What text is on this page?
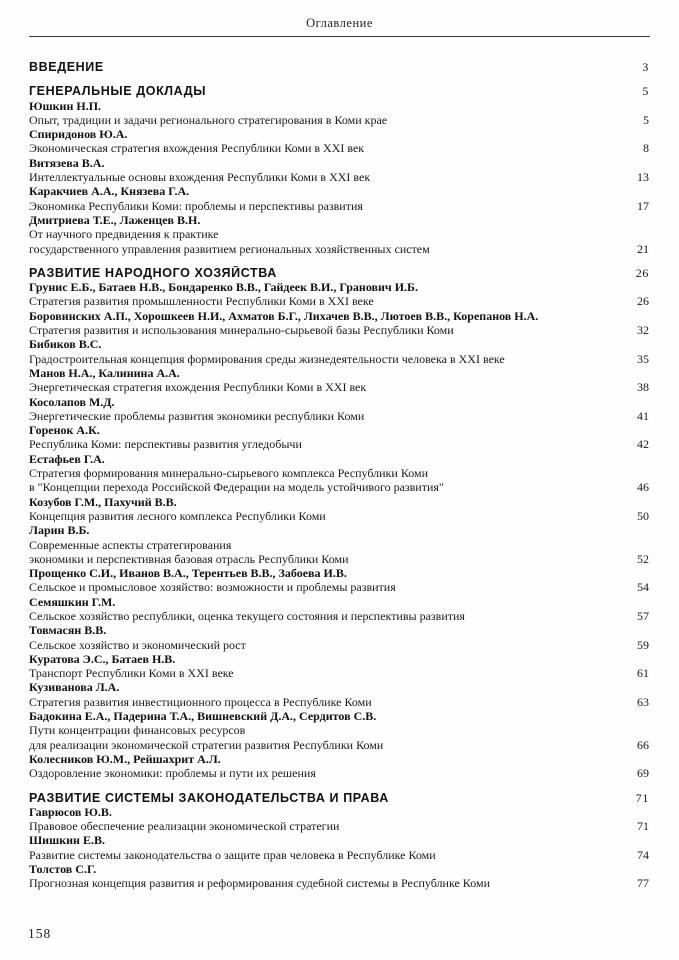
Оглавление
ВВЕДЕНИЕ	3
ГЕНЕРАЛЬНЫЕ ДОКЛАДЫ	5
Юшкин Н.П.
Опыт, традиции и задачи регионального стратегирования в Коми крае	5
Спиридонов Ю.А.
Экономическая стратегия вхождения Республики Коми в XXI век	8
Витязева В.А.
Интеллектуальные основы вхождения Республики Коми в XXI век	13
Каракчиев А.А., Князева Г.А.
Экономика Республики Коми: проблемы и перспективы развития	17
Дмитриева Т.Е., Лаженцев В.Н.
От научного предвидения к практике
государственного управления развитием региональных хозяйственных систем	21
РАЗВИТИЕ НАРОДНОГО ХОЗЯЙСТВА	26
Грунис Е.Б., Батаев Н.В., Бондаренко В.В., Гайдеек В.И., Гранович И.Б.
Стратегия развития промышленности Республики Коми в XXI веке	26
Боровинских А.П., Хорошкеев Н.И., Ахматов Б.Г., Лихачев В.В., Лютоев В.В., Корепанов Н.А.
Стратегия развития и использования минерально-сырьевой базы Республики Коми	32
Бибиков В.С.
Градостроительная концепция формирования среды жизнедеятельности человека в XXI веке	35
Манов Н.А., Калинина А.А.
Энергетическая стратегия вхождения Республики Коми в XXI век	38
Косолапов М.Д.
Энергетические проблемы развития экономики республики Коми	41
Горенок А.К.
Республика Коми: перспективы развития угледобычи	42
Естафьев Г.А.
Стратегия формирования минерально-сырьевого комплекса Республики Коми
в "Концепции перехода Российской Федерации на модель устойчивого развития"	46
Козубов Г.М., Пахучий В.В.
Концепция развития лесного комплекса Республики Коми	50
Ларин В.Б.
Современные аспекты стратегирования
экономики и перспективная базовая отрасль Республики Коми	52
Прощенко С.И., Иванов В.А., Терентьев В.В., Забоева И.В.
Сельское и промысловое хозяйство: возможности и проблемы развития	54
Семяшкин Г.М.
Сельское хозяйство республики, оценка текущего состояния и перспективы развития	57
Товмасян В.В.
Сельское хозяйство и экономический рост	59
Куратова Э.С., Батаев Н.В.
Транспорт Республики Коми в XXI веке	61
Кузиванова Л.А.
Стратегия развития инвестиционного процесса в Республике Коми	63
Бадокина Е.А., Падерина Т.А., Вишневский Д.А., Сердитов С.В.
Пути концентрации финансовых ресурсов
для реализации экономической стратегии развития Республики Коми	66
Колесников Ю.М., Рейшахрит А.Л.
Оздоровление экономики: проблемы и пути их решения	69
РАЗВИТИЕ СИСТЕМЫ ЗАКОНОДАТЕЛЬСТВА И ПРАВА	71
Гаврюсов Ю.В.
Правовое обеспечение реализации экономической стратегии	71
Шишкин Е.В.
Развитие системы законодательства о защите прав человека в Республике Коми	74
Толстов С.Г.
Прогнозная концепция развития и реформирования судебной системы в Республике Коми	77
158
